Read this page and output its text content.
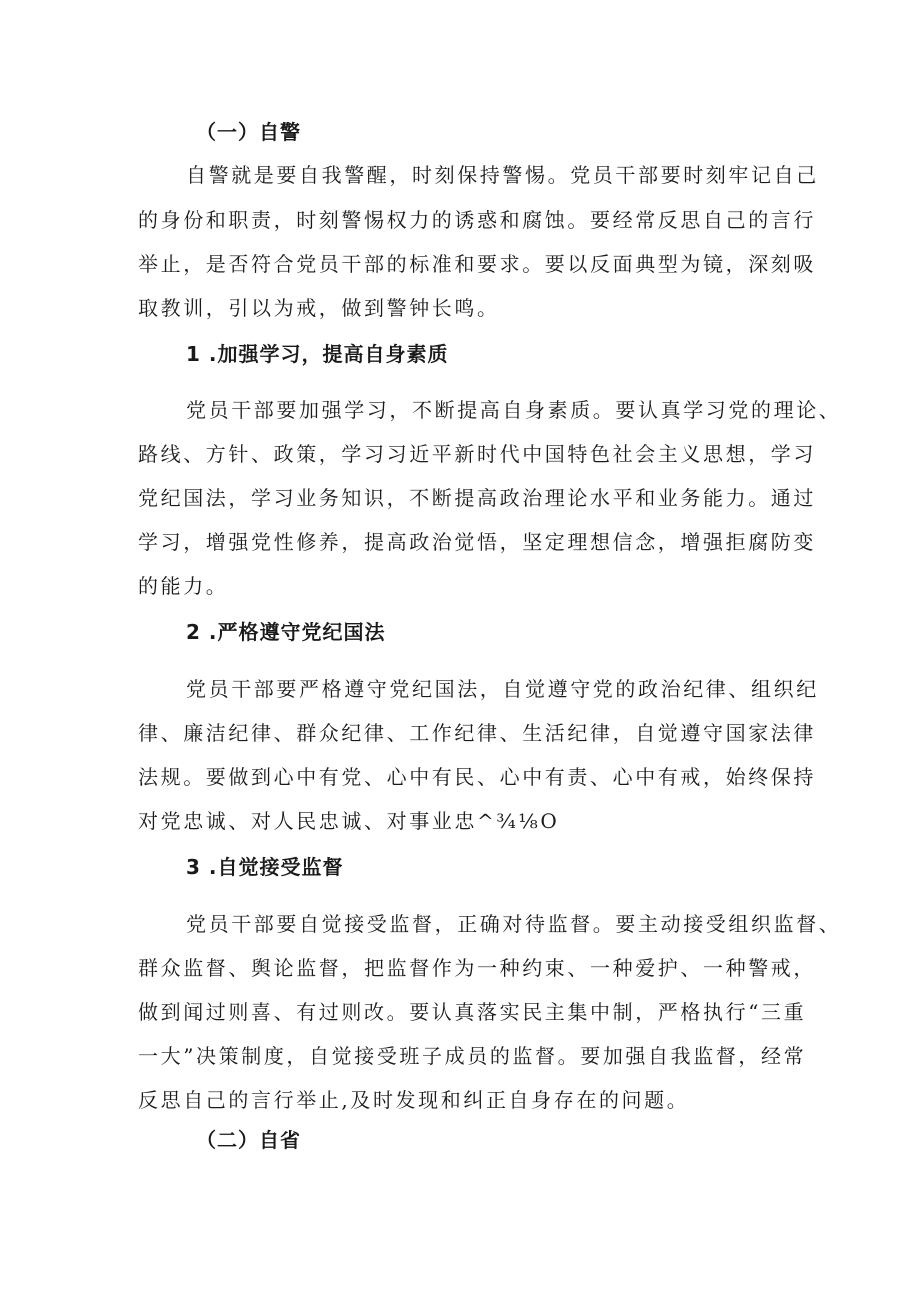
（一）自警
自警就是要自我警醒，时刻保持警惕。党员干部要时刻牢记自己
的身份和职责，时刻警惕权力的诱惑和腐蚀。要经常反思自己的言行
举止，是否符合党员干部的标准和要求。要以反面典型为镜，深刻吸
取教训，引以为戒，做到警钟长鸣。
1 .加强学习，提高自身素质
党员干部要加强学习，不断提高自身素质。要认真学习党的理论、
路线、方针、政策，学习习近平新时代中国特色社会主义思想，学习
党纪国法，学习业务知识，不断提高政治理论水平和业务能力。通过
学习，增强党性修养，提高政治觉悟，坚定理想信念，增强拒腐防变
的能力。
2 .严格遵守党纪国法
党员干部要严格遵守党纪国法，自觉遵守党的政治纪律、组织纪
律、廉洁纪律、群众纪律、工作纪律、生活纪律，自觉遵守国家法律
法规。要做到心中有党、心中有民、心中有责、心中有戒，始终保持
对党忠诚、对人民忠诚、对事业忠^¾⅛O
3 .自觉接受监督
党员干部要自觉接受监督，正确对待监督。要主动接受组织监督、
群众监督、舆论监督，把监督作为一种约束、一种爱护、一种警戒，
做到闻过则喜、有过则改。要认真落实民主集中制，严格执行“三重
一大”决策制度，自觉接受班子成员的监督。要加强自我监督，经常
反思自己的言行举止,及时发现和纠正自身存在的问题。
（二）自省
